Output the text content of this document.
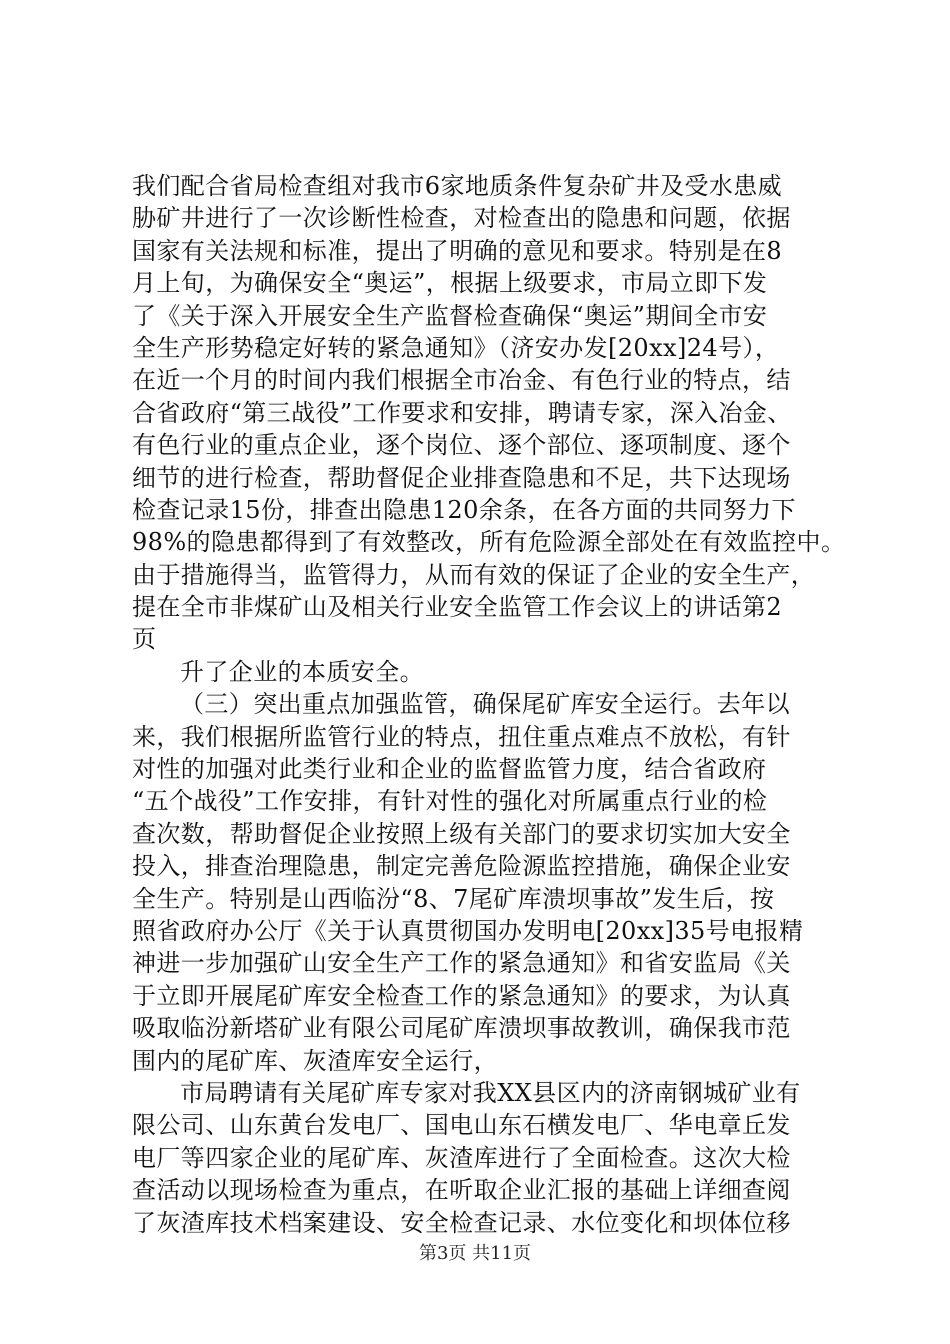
我们配合省局检查组对我市6家地质条件复杂矿井及受水患威
胁矿井进行了一次诊断性检查，对检查出的隐患和问题，依据
国家有关法规和标准，提出了明确的意见和要求。特别是在8
月上旬，为确保安全“奥运”，根据上级要求，市局立即下发
了《关于深入开展安全生产监督检查确保“奥运”期间全市安
全生产形势稳定好转的紧急通知》（济安办发[20xx]24号），
在近一个月的时间内我们根据全市冶金、有色行业的特点，结
合省政府“第三战役”工作要求和安排，聘请专家，深入冶金、
有色行业的重点企业，逐个岗位、逐个部位、逐项制度、逐个
细节的进行检查，帮助督促企业排查隐患和不足，共下达现场
检查记录15份，排查出隐患120余条，在各方面的共同努力下
98%的隐患都得到了有效整改，所有危险源全部处在有效监控中。
由于措施得当，监管得力，从而有效的保证了企业的安全生产，
提在全市非煤矿山及相关行业安全监管工作会议上的讲话第2
页
升了企业的本质安全。
（三）突出重点加强监管，确保尾矿库安全运行。去年以
来，我们根据所监管行业的特点，扭住重点难点不放松，有针
对性的加强对此类行业和企业的监督监管力度，结合省政府
“五个战役”工作安排，有针对性的强化对所属重点行业的检
查次数，帮助督促企业按照上级有关部门的要求切实加大安全
投入，排查治理隐患，制定完善危险源监控措施，确保企业安
全生产。特别是山西临汾“8、7尾矿库溃坝事故”发生后，按
照省政府办公厅《关于认真贯彻国办发明电[20xx]35号电报精
神进一步加强矿山安全生产工作的紧急通知》和省安监局《关
于立即开展尾矿库安全检查工作的紧急通知》的要求，为认真
吸取临汾新塔矿业有限公司尾矿库溃坝事故教训，确保我市范
围内的尾矿库、灰渣库安全运行，
市局聘请有关尾矿库专家对我XX县区内的济南钢城矿业有
限公司、山东黄台发电厂、国电山东石横发电厂、华电章丘发
电厂等四家企业的尾矿库、灰渣库进行了全面检查。这次大检
查活动以现场检查为重点，在听取企业汇报的基础上详细查阅
了灰渣库技术档案建设、安全检查记录、水位变化和坝体位移
第3页 共11页
